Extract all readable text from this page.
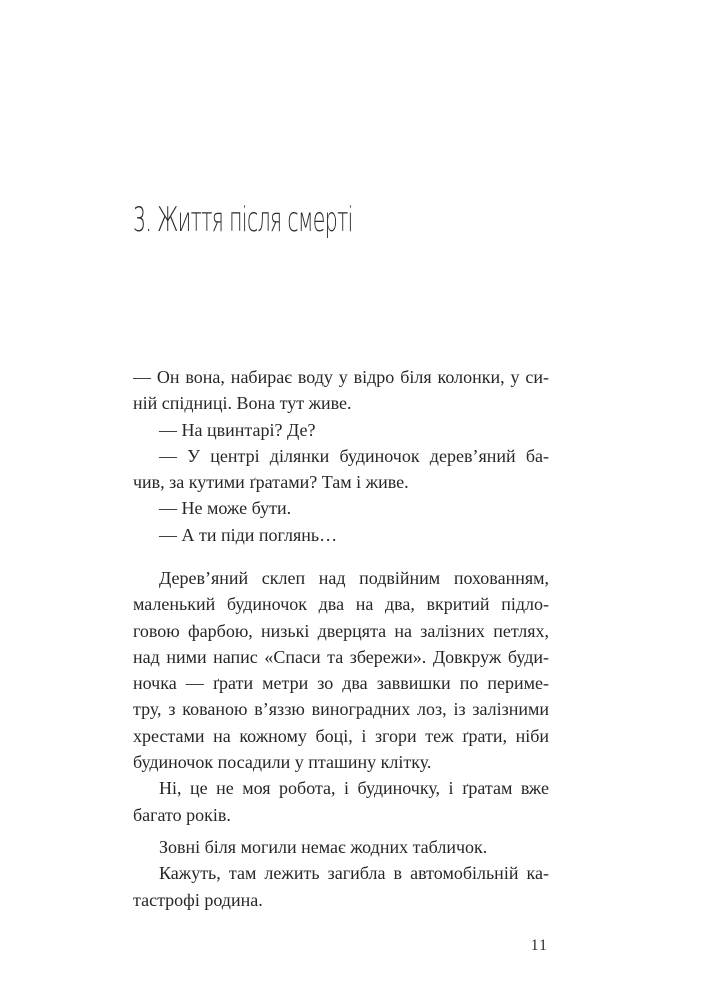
3. Життя після смерті
— Он вона, набирає воду у відро біля колонки, у си-
ній спідниці. Вона тут живе.
— На цвинтарі? Де?
— У центрі ділянки будиночок дерев’яний ба-
чив, за кутими ґратами? Там і живе.
— Не може бути.
— А ти піди поглянь…
Дерев’яний склеп над подвійним похованням,
маленький будиночок два на два, вкритий підло-
говою фарбою, низькі дверцята на залізних петлях,
над ними напис «Спаси та збережи». Довкруж буди-
ночка — ґрати метри зо два заввишки по периме-
тру, з кованою в’яззю виноградних лоз, із залізними
хрестами на кожному боці, і згори теж ґрати, ніби
будиночок посадили у пташину клітку.
Ні, це не моя робота, і будиночку, і ґратам вже
багато років.
Зовні біля могили немає жодних табличок.
Кажуть, там лежить загибла в автомобільній ка-
тастрофі родина.
11
